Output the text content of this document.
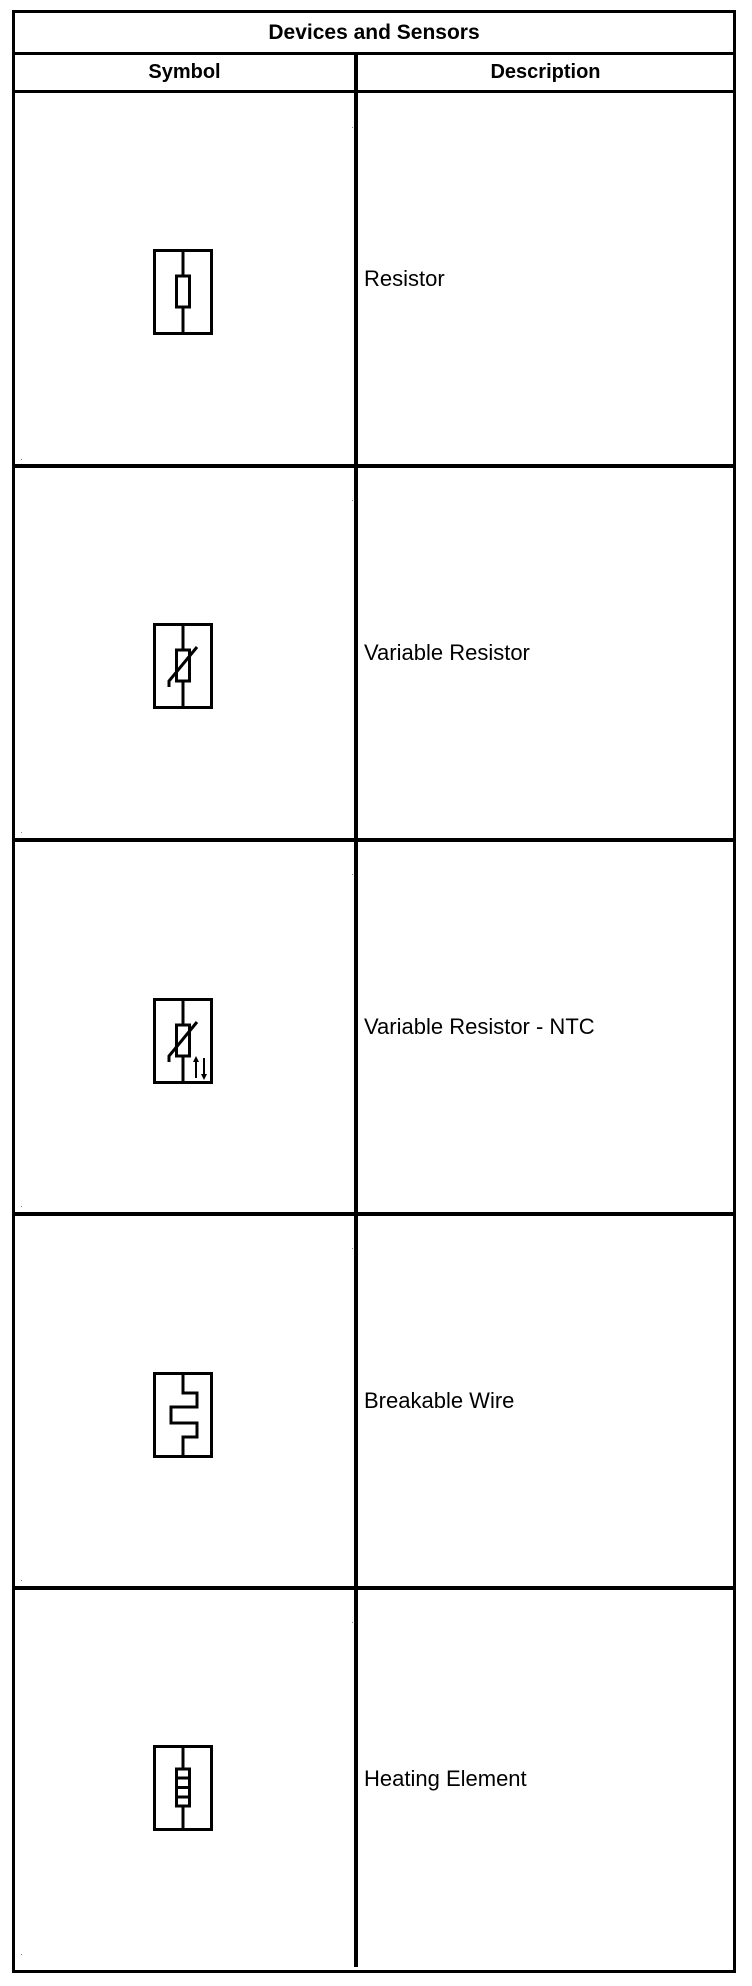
Devices and Sensors
Symbol	Description
Resistor
Variable Resistor
Variable Resistor - NTC
Breakable Wire
Heating Element
